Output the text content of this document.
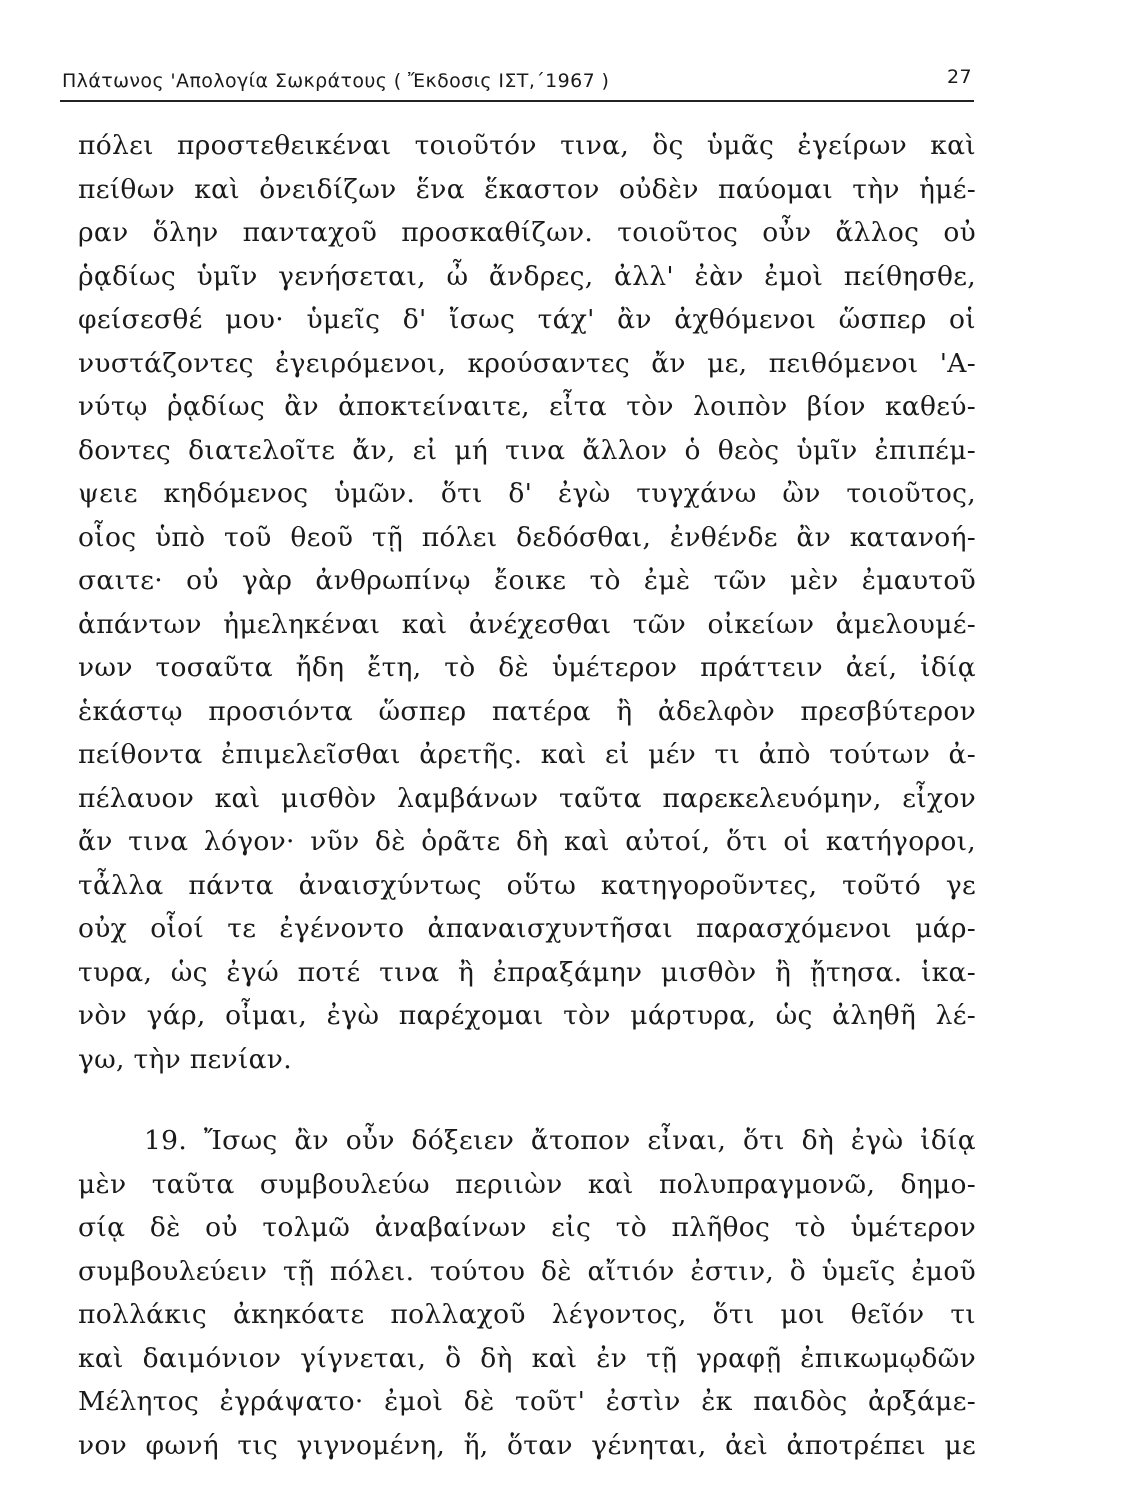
Πλάτωνος 'Απολογία Σωκράτους ( Ἔκδοσις ΙΣΤ,΄1967 )	27
πόλει προστεθεικέναι τοιοῦτόν τινα, ὃς ὑμᾶς ἐγείρων καὶ
πείθων καὶ ὀνειδίζων ἕνα ἕκαστον οὐδὲν παύομαι τὴν ἡμέ-
ραν ὅλην πανταχοῦ προσκαθίζων. τοιοῦτος οὖν ἄλλος οὐ
ῥᾳδίως ὑμῖν γενήσεται, ὦ ἄνδρες, ἀλλ' ἐὰν ἐμοὶ πείθησθε,
φείσεσθέ μου· ὑμεῖς δ' ἴσως τάχ' ἂν ἀχθόμενοι ὥσπερ οἱ
νυστάζοντες ἐγειρόμενοι, κρούσαντες ἄν με, πειθόμενοι 'Α-
νύτῳ ῥᾳδίως ἂν ἀποκτείναιτε, εἶτα τὸν λοιπὸν βίον καθεύ-
δοντες διατελοῖτε ἄν, εἰ μή τινα ἄλλον ὁ θεὸς ὑμῖν ἐπιπέμ-
ψειε κηδόμενος ὑμῶν. ὅτι δ' ἐγὼ τυγχάνω ὢν τοιοῦτος,
οἷος ὑπὸ τοῦ θεοῦ τῇ πόλει δεδόσθαι, ἐνθένδε ἂν κατανοή-
σαιτε· οὐ γὰρ ἀνθρωπίνῳ ἔοικε τὸ ἐμὲ τῶν μὲν ἐμαυτοῦ
ἁπάντων ἠμεληκέναι καὶ ἀνέχεσθαι τῶν οἰκείων ἀμελουμέ-
νων τοσαῦτα ἤδη ἔτη, τὸ δὲ ὑμέτερον πράττειν ἀεί, ἰδίᾳ
ἑκάστῳ προσιόντα ὥσπερ πατέρα ἢ ἀδελφὸν πρεσβύτερον
πείθοντα ἐπιμελεῖσθαι ἀρετῆς. καὶ εἰ μέν τι ἀπὸ τούτων ἀ-
πέλαυον καὶ μισθὸν λαμβάνων ταῦτα παρεκελευόμην, εἶχον
ἄν τινα λόγον· νῦν δὲ ὁρᾶτε δὴ καὶ αὐτοί, ὅτι οἱ κατήγοροι,
τἆλλα πάντα ἀναισχύντως οὕτω κατηγοροῦντες, τοῦτό γε
οὐχ οἷοί τε ἐγένοντο ἀπαναισχυντῆσαι παρασχόμενοι μάρ-
τυρα, ὡς ἐγώ ποτέ τινα ἢ ἐπραξάμην μισθὸν ἢ ᾔτησα. ἱκα-
νὸν γάρ, οἶμαι, ἐγὼ παρέχομαι τὸν μάρτυρα, ὡς ἀληθῆ λέ-
γω, τὴν πενίαν.
19. Ἴσως ἂν οὖν δόξειεν ἄτοπον εἶναι, ὅτι δὴ ἐγὼ ἰδίᾳ
μὲν ταῦτα συμβουλεύω περιιὼν καὶ πολυπραγμονῶ, δημο-
σίᾳ δὲ οὐ τολμῶ ἀναβαίνων εἰς τὸ πλῆθος τὸ ὑμέτερον
συμβουλεύειν τῇ πόλει. τούτου δὲ αἴτιόν ἐστιν, ὃ ὑμεῖς ἐμοῦ
πολλάκις ἀκηκόατε πολλαχοῦ λέγοντος, ὅτι μοι θεῖόν τι
καὶ δαιμόνιον γίγνεται, ὃ δὴ καὶ ἐν τῇ γραφῇ ἐπικωμῳδῶν
Μέλητος ἐγράψατο· ἐμοὶ δὲ τοῦτ' ἐστὶν ἐκ παιδὸς ἀρξάμε-
νον φωνή τις γιγνομένη, ἥ, ὅταν γένηται, ἀεὶ ἀποτρέπει με
